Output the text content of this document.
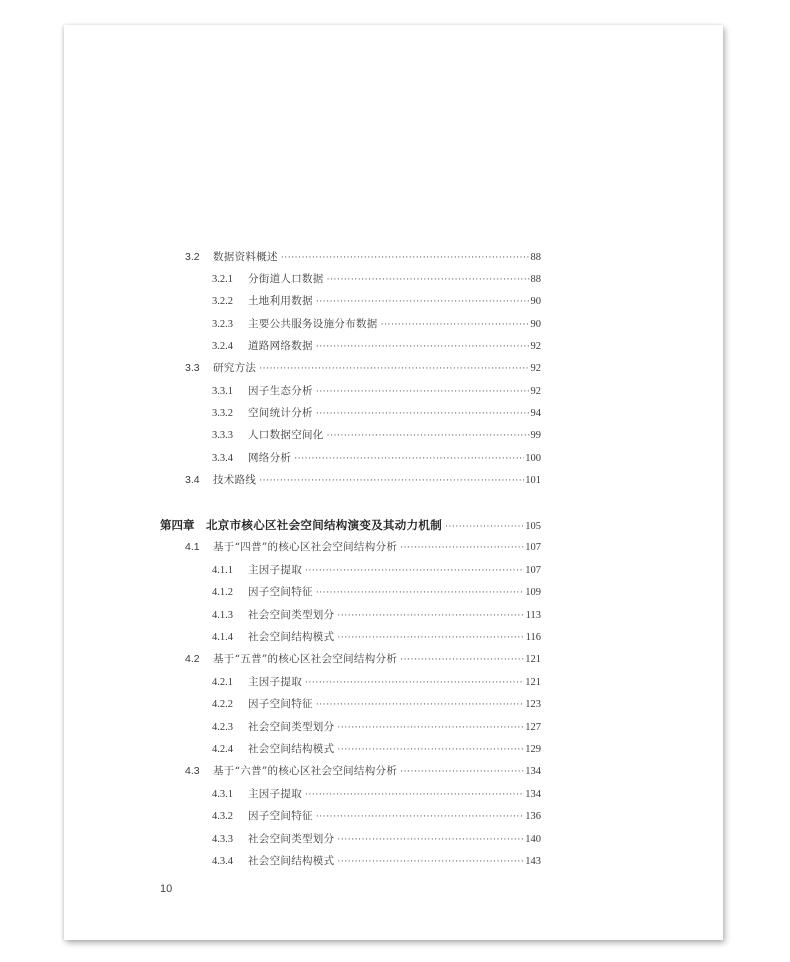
3.2	数据资料概述 ·····	88
3.2.1	分街道人口数据 ·····	88
3.2.2	土地利用数据 ·····	90
3.2.3	主要公共服务设施分布数据 ·····	90
3.2.4	道路网络数据 ·····	92
3.3	研究方法 ·····	92
3.3.1	因子生态分析 ·····	92
3.3.2	空间统计分析 ·····	94
3.3.3	人口数据空间化 ·····	99
3.3.4	网络分析 ·····	100
3.4	技术路线 ·····	101
第四章	北京市核心区社会空间结构演变及其动力机制 ·····	105
4.1	基于“四普”的核心区社会空间结构分析 ·····	107
4.1.1	主因子提取 ·····	107
4.1.2	因子空间特征 ·····	109
4.1.3	社会空间类型划分 ·····	113
4.1.4	社会空间结构模式 ·····	116
4.2	基于“五普”的核心区社会空间结构分析 ·····	121
4.2.1	主因子提取 ·····	121
4.2.2	因子空间特征 ·····	123
4.2.3	社会空间类型划分 ·····	127
4.2.4	社会空间结构模式 ·····	129
4.3	基于“六普”的核心区社会空间结构分析 ·····	134
4.3.1	主因子提取 ·····	134
4.3.2	因子空间特征 ·····	136
4.3.3	社会空间类型划分 ·····	140
4.3.4	社会空间结构模式 ·····	143
10
